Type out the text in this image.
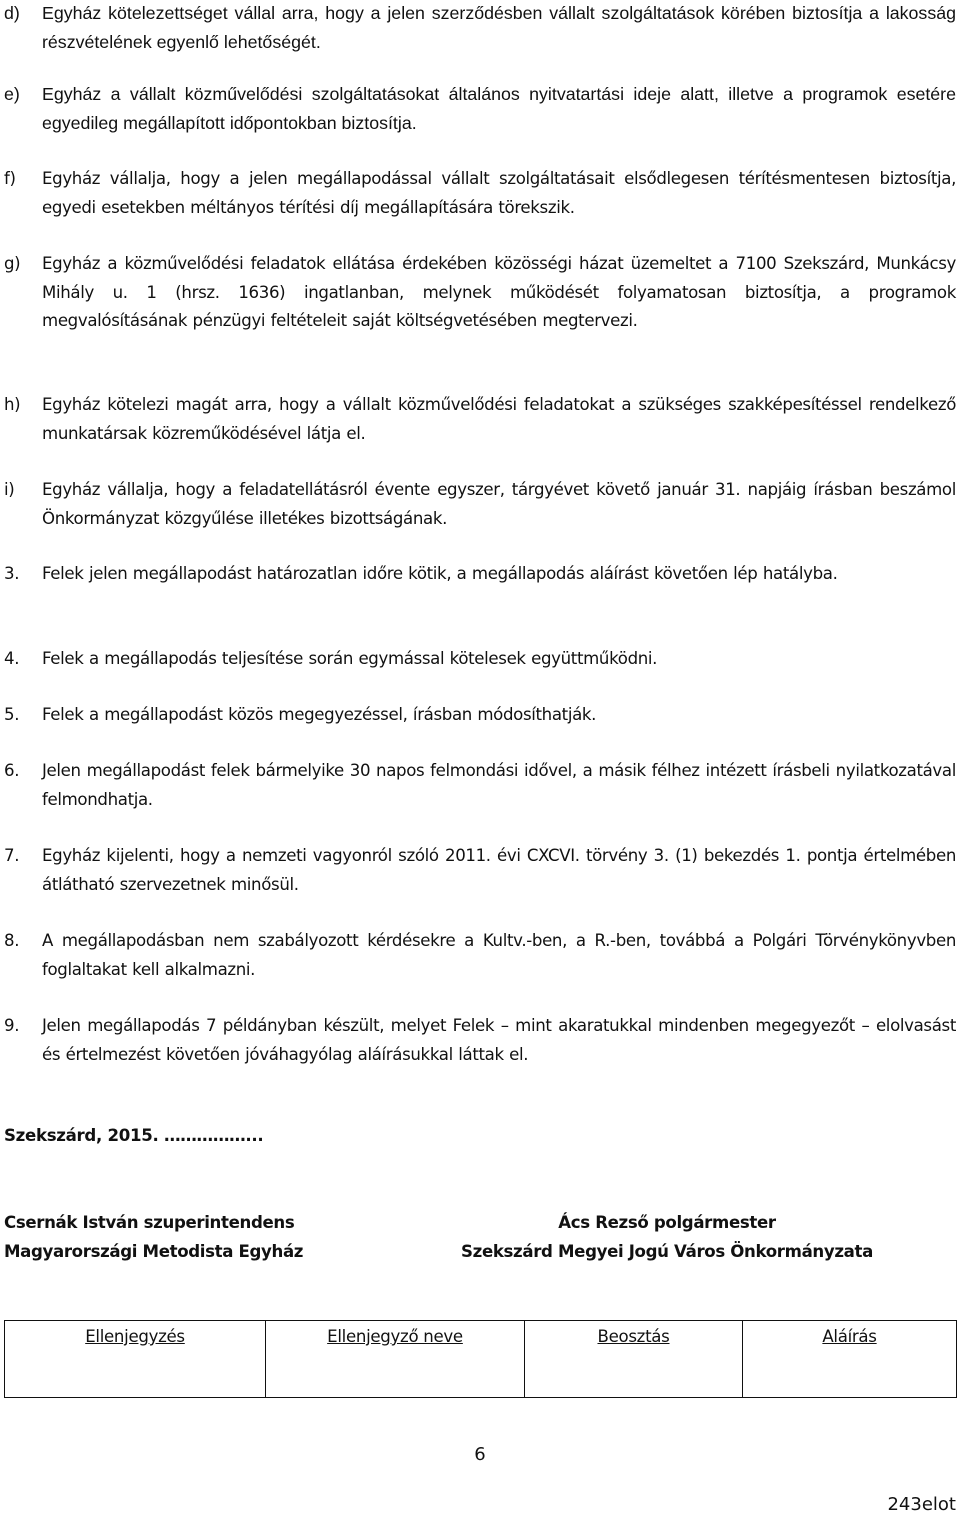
d) Egyház kötelezettséget vállal arra, hogy a jelen szerződésben vállalt szolgáltatások körében biztosítja a lakosság részvételének egyenlő lehetőségét.
e) Egyház a vállalt közművelődési szolgáltatásokat általános nyitvatartási ideje alatt, illetve a programok esetére egyedileg megállapított időpontokban biztosítja.
f) Egyház vállalja, hogy a jelen megállapodással vállalt szolgáltatásait elsődlegesen térítésmentesen biztosítja, egyedi esetekben méltányos térítési díj megállapítására törekszik.
g) Egyház a közművelődési feladatok ellátása érdekében közösségi házat üzemeltet a 7100 Szekszárd, Munkácsy Mihály u. 1 (hrsz. 1636) ingatlanban, melynek működését folyamatosan biztosítja, a programok megvalósításának pénzügyi feltételeit saját költségvetésében megtervezi.
h) Egyház kötelezi magát arra, hogy a vállalt közművelődési feladatokat a szükséges szakképesítéssel rendelkező munkatársak közreműködésével látja el.
i) Egyház vállalja, hogy a feladatellátásról évente egyszer, tárgyévet követő január 31. napjáig írásban beszámol Önkormányzat közgyűlése illetékes bizottságának.
3. Felek jelen megállapodást határozatlan időre kötik, a megállapodás aláírást követően lép hatályba.
4. Felek a megállapodás teljesítése során egymással kötelesek együttműködni.
5. Felek a megállapodást közös megegyezéssel, írásban módosíthatják.
6. Jelen megállapodást felek bármelyike 30 napos felmondási idővel, a másik félhez intézett írásbeli nyilatkozatával felmondhatja.
7. Egyház kijelenti, hogy a nemzeti vagyonról szóló 2011. évi CXCVI. törvény 3. (1) bekezdés 1. pontja értelmében átlátható szervezetnek minősül.
8. A megállapodásban nem szabályozott kérdésekre a Kultv.-ben, a R.-ben, továbbá a Polgári Törvénykönyvben foglaltakat kell alkalmazni.
9. Jelen megállapodás 7 példányban készült, melyet Felek – mint akaratukkal mindenben megegyezőt – elolvasást és értelmezést követően jóváhagyólag aláírásukkal láttak el.
Szekszárd, 2015. ……………...
Csernák István szuperintendens
Magyarországi Metodista Egyház
Ács Rezső polgármester
Szekszárd Megyei Jogú Város Önkormányzata
Ellenjegyzés	Ellenjegyző neve	Beosztás	Aláírás
6
243elot
